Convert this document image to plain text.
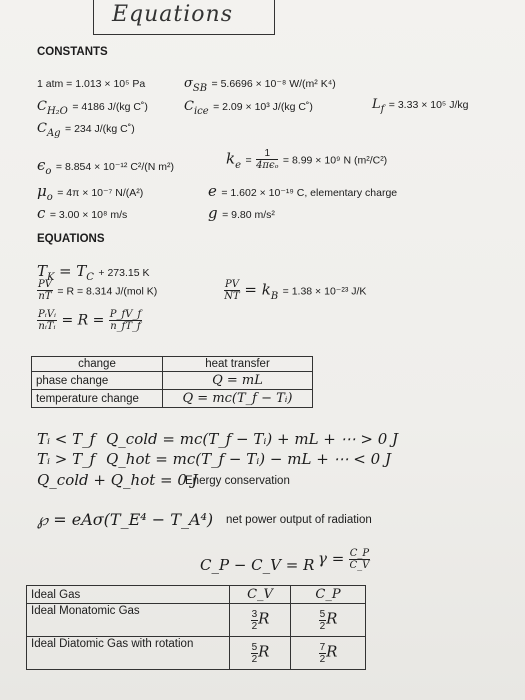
Equations
CONSTANTS
1 atm = 1.013 × 10⁵ Pa	$\sigma_{SB} = 5.6696 \times 10^{-8}$ W/(m² K⁴)
$C_{H_2O} = 4186$ J/(kg C˚)	$C_{ice} = 2.09 \times 10^3$ J/(kg C˚)	$L_f = 3.33 \times 10^5$ J/kg
$C_{Ag} = 234$ J/(kg C˚)
$\epsilon_o = 8.854 \times 10^{-12}$ C²/(N m²)	$k_e = \frac{1}{\text{4πϵₒ}} = 8.99 \times 10^9$ N (m²/C²)
$\mu_o = 4\pi \times 10^{-7}$ N/(A²)	e = 1.602 × 10⁻¹⁹ C, elementary charge
c = 3.00 × 10⁸ m/s	g = 9.80 m/s²
EQUATIONS
$T_K = T_C + 273.15$ K
$\frac{PV}{nT} = R = 8.314$ J/(mol K)	$\frac{PV}{NT} = k_B = 1.38 \times 10^{-23}$ J/K
$\frac{\text{PᵢVᵢ}}{\text{nᵢTᵢ}} = R = \frac{P\_fV\_f}{n\_fT\_f}$
change	heat transfer
phase change	Q = mL
temperature change	Q = mc(T_f − Tᵢ)
Tᵢ < T_f Q_cold = mc(T_f − Tᵢ) + mL + ⋯ > 0 J
Tᵢ > T_f Q_hot = mc(T_f − Tᵢ) − mL + ⋯ < 0 J
Q_cold + Q_hot = 0 J
Energy conservation
℘ = eAσ(T_E⁴ − T_A⁴) net power output of radiation
C_P − C_V = R $\gamma = \frac{C\_P}{C\_V}$
Ideal Gas	C_V	C_P
Ideal Monatomic Gas	$\frac{3}{2}$ R	$\frac{5}{2}$ R
Ideal Diatomic Gas with rotation	$\frac{5}{2}$ R	$\frac{7}{2}$ R
